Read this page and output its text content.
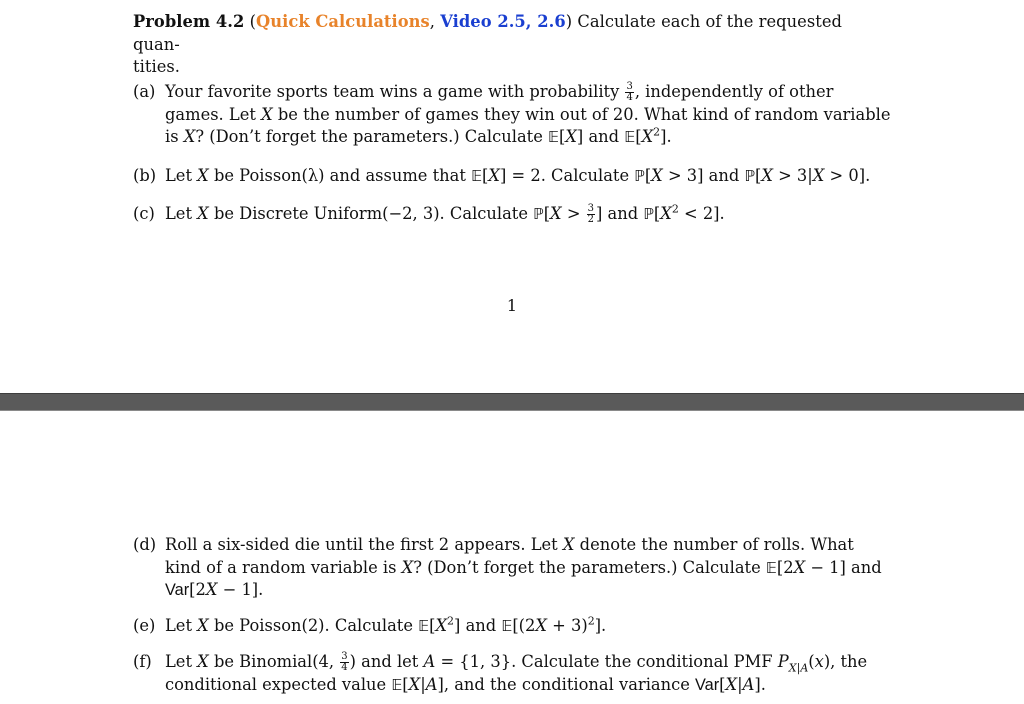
Problem 4.2 (Quick Calculations, Video 2.5, 2.6) Calculate each of the requested quan-
tities.
(a) Your favorite sports team wins a game with probability $\frac{3}{4}$ , independently of other games. Let X be the number of games they win out of 20. What kind of random variable is X? (Don’t forget the parameters.) Calculate 𝔼[X] and $𝔼[X^2]$.
(b) Let X be Poisson(λ) and assume that 𝔼[X] = 2. Calculate ℙ[X > 3] and ℙ[X > 3|X > 0].
(c) Let X be Discrete Uniform(−2, 3). Calculate ℙ[X > $\frac{3}{2}$ ] and $ℙ[X^2 < 2]$.
1
(d) Roll a six-sided die until the first 2 appears. Let X denote the number of rolls. What kind of a random variable is X? (Don’t forget the parameters.) Calculate 𝔼[2X − 1] and Var[2X − 1].
(e) Let X be Poisson(2). Calculate $𝔼[X^2]$ and 𝔼[(2X + 3)$^2$].
(f) Let X be Binomial(4, $\frac{3}{4}$ ) and let A = {1, 3}. Calculate the conditional PMF $P_{X|A}(x)$, the conditional expected value 𝔼[X|A], and the conditional variance Var[X|A].
